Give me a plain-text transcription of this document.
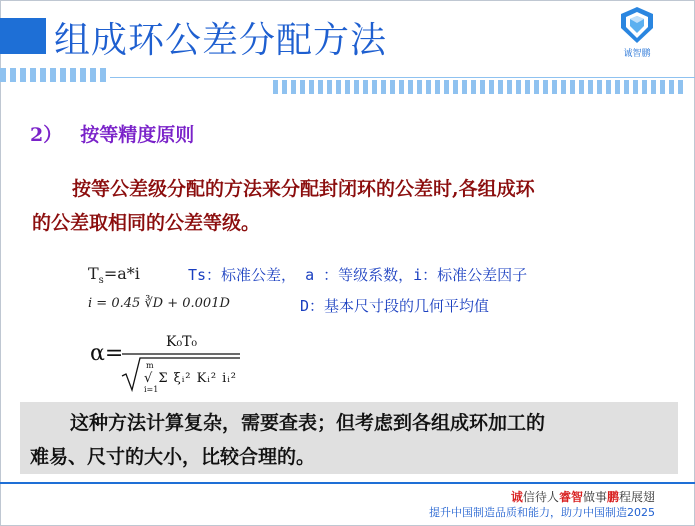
组成环公差分配方法	诚智鹏
2） 按等精度原则
按等公差级分配的方法来分配封闭环的公差时,各组成环
的公差取相同的公差等级。
$T_s=a*i$	Ts：标准公差， a ：等级系数，i：标准公差因子
i = 0.45 ∛D + 0.001D	D：基本尺寸段的几何平均值
α=	K₀T₀
m
i=1
√ Σ ξᵢ² Kᵢ² iᵢ²
这种方法计算复杂，需要查表；但考虑到各组成环加工的
难易、尺寸的大小，比较合理的。
诚信待人睿智做事鹏程展翅
提升中国制造品质和能力，助力中国制造2025
